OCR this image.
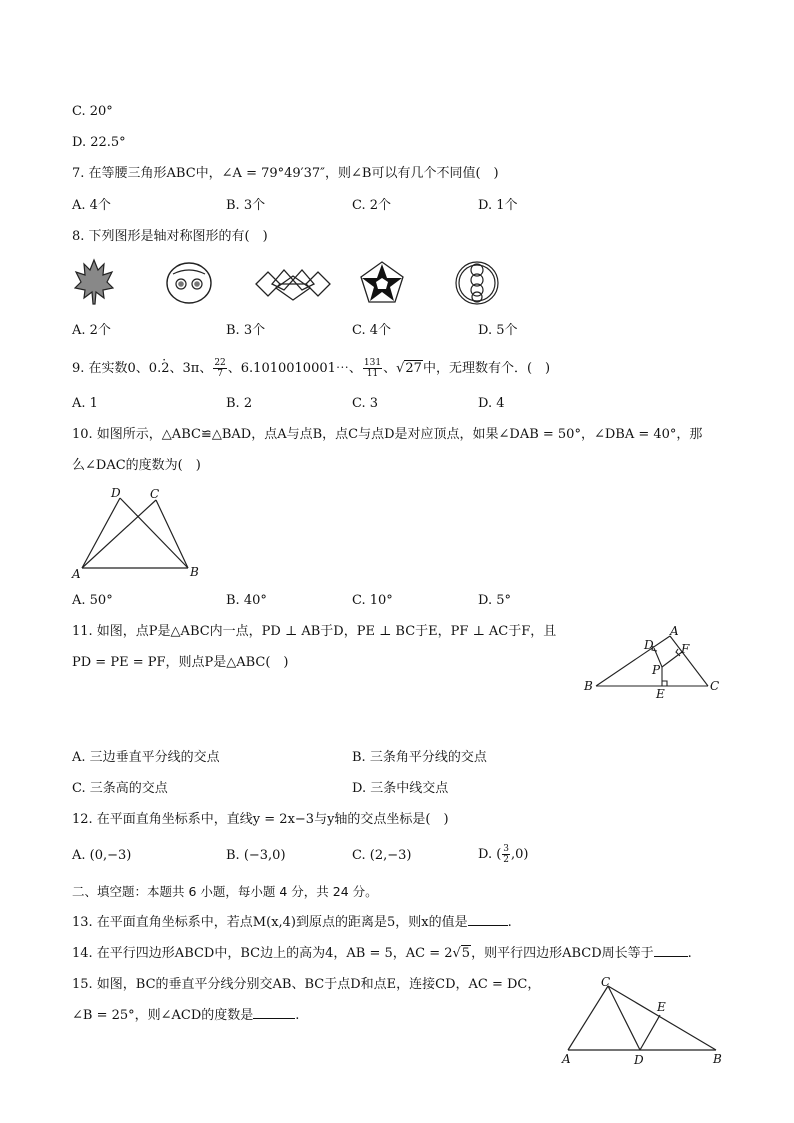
C. 20°
D. 22.5°
7. 在等腰三角形ABC中，∠A = 79°49′37″，则∠B可以有几个不同值(　)
A. 4个	B. 3个	C. 2个	D. 1个
8. 下列图形是轴对称图形的有(　)
A. 2个	B. 3个	C. 4个	D. 5个
9. 在实数0、0.· 2、3π、 $\frac{22}{7}$ 、6.1010010001⋯、 $\frac{131}{11}$ 、√27中，无理数有个．(　)
A. 1	B. 2	C. 3	D. 4
10. 如图所示，△ABC≌△BAD，点A与点B，点C与点D是对应顶点，如果∠DAB = 50°，∠DBA = 40°，那
么∠DAC的度数为(　)
A	B
C
D
A. 50°	B. 40°	C. 10°	D. 5°
11. 如图，点P是△ABC内一点，PD ⊥ AB于D，PE ⊥ BC于E，PF ⊥ AC于F，且
PD = PE = PF，则点P是△ABC(　)
A
B	C
D
E
F
P
A. 三边垂直平分线的交点	B. 三条角平分线的交点
C. 三条高的交点	D. 三条中线交点
12. 在平面直角坐标系中，直线y = 2x−3与y轴的交点坐标是(　)
A. (0,−3)	B. (−3,0)	C. (2,−3)	D. ( $\frac{3}{2} ,0$)
二、填空题：本题共 6 小题，每小题 4 分，共 24 分。
13. 在平面直角坐标系中，若点M(x,4)到原点的距离是5，则x的值是	.
14. 在平行四边形ABCD中，BC边上的高为4，AB = 5，AC = 2√5，则平行四边形ABCD周长等于	.
15. 如图，BC的垂直平分线分别交AB、BC于点D和点E，连接CD，AC = DC，
∠B = 25°，则∠ACD的度数是	.
A	B
C
D
E
